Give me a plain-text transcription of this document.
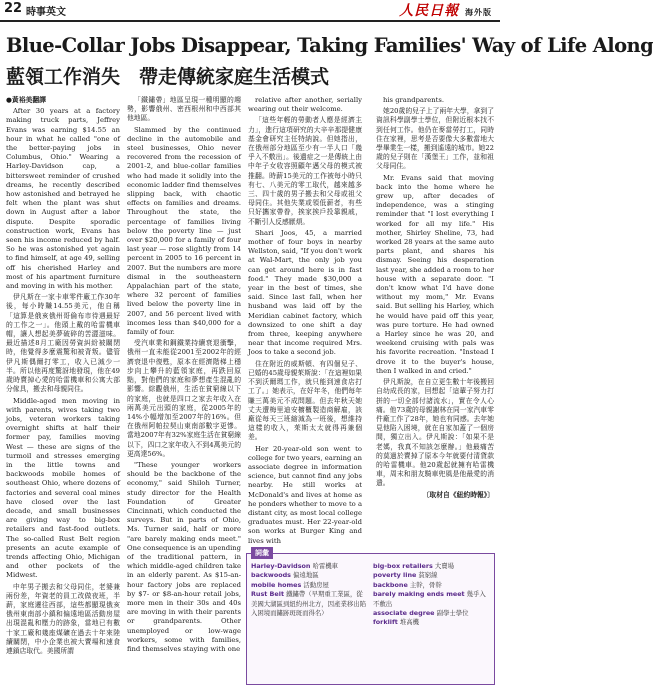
22 時事英文	人民日報 海外版
Blue-Collar Jobs Disappear, Taking Families' Way of Life Along
藍領工作消失　帶走傳統家庭生活模式
●黃裕美翻譯

After 30 years at a factory making truck parts, Jeffrey Evans was earning $14.55 an hour in what he called "one of the better-paying jobs in Columbus, Ohio." Wearing a Harley-Davidson cap, a bittersweet reminder of crushed dreams, he recently described how astonished and betrayed he felt when the plant was shut down in August after a labor dispute. Despite sporadic construction work, Evans has seen his income reduced by half. So he was astonished yet again to find himself, at age 49, selling off his cherished Harley and most of his apartment furniture and moving in with his mother.

伊凡斯在一家卡車零件廠工作30年後，每小時賺14.55美元，他自稱「這算是俄亥俄州哥倫布市待遇最好的工作之一」。他頭上戴的哈雷機車帽，讓人想起美夢破碎的苦澀滋味。最近描述8月工廠因勞資糾紛被關閉時，他覺得多麼震驚和被背叛。儘管伊凡斯偶爾打零工，收入已減少一半。所以他再度驚訝地發現，他在49歲時賣掉心愛的哈雷機車和公寓大部分傢具，搬去和母親同住。

Middle-aged men moving in with parents, wives taking two jobs, veteran workers taking overnight shifts at half their former pay, families moving West — these are signs of the turmoil and stresses emerging in the little towns and backwoods mobile homes of southeast Ohio, where dozens of factories and several coal mines have closed over the last decade, and small businesses are giving way to big-box retailers and fast-food outlets. The so-called Rust Belt region presents an acute example of trends affecting Ohio, Michigan and other pockets of the Midwest.

中年男子搬去和父母同住，老婆兼兩份差，年資老的員工改做夜班，半薪，家庭遷往西部，這些都顯現俄亥俄州東南部小鎮和偏遠地區活動房屋出現混亂和壓力的跡象，當地已有數十家工廠和幾座煤礦在過去十年來陸續關閉，中小企業也被大賣場和速食連鎖店取代。美國所謂

「鐵鏽帶」地區呈現一種明顯的趨勢，影響俄州、密西根州和中西部其他地區。

Slammed by the continued decline in the automobile and steel businesses, Ohio never recovered from the recession of 2001-2, and blue-collar families who had made it solidly into the economic ladder find themselves slipping back, with chaotic effects on families and dreams. Throughout the state, the percentage of families living below the poverty line — just over $20,000 for a family of four last year — rose slightly from 14 percent in 2005 to 16 percent in 2007. But the numbers are more dismal in the southeastern Appalachian part of the state, where 32 percent of families lived below the poverty line in 2007, and 56 percent lived with incomes less than $40,000 for a family of four.

受汽車業和鋼鐵業持續衰退衝擊，俄州一直未能從2001至2002年的經濟衰退中復甦，原本在經濟階梯上穩步向上攀升的藍領家庭，再跌回原點，對他們的家庭和夢想產生混亂的影響。綜觀俄州，生活在貧窮線以下的家庭，也就是四口之家去年收入在兩萬美元出頭的家庭，從2005年的14%小幅增加至2007年的16%。但在俄州阿帕拉契山東南部數字更慘。當地2007年有32%家庭生活在貧窮線以下，四口之家年收入不到4萬美元的更高達56%。

"These younger workers should be the backbone of the economy," said Shiloh Turner, study director for the Health Foundation of Greater Cincinnati, which conducted the surveys. But in parts of Ohio, Ms. Turner said, half or more "are barely making ends meet." One consequence is an upending of the traditional pattern, in which middle-aged children take in an elderly parent. As $15-an-hour factory jobs are replaced by $7- or $8-an-hour retail jobs, more men in their 30s and 40s are moving in with their parents or grandparents. Other unemployed or low-wage workers, some with families, find themselves staying with one

relative after another, serially wearing out their welcome.

「這些年輕的勞動者人應是經濟主力」，進行這項研究的大辛辛那提健康基金會研究主任特納說。但她指出，在俄州部分地區至少有一半人口「幾乎入不敷出」。後遺症之一是傳統上由中年子女收容照顧年邁父母的模式被推翻。時薪15美元的工作被每小時只有七、八美元的零工取代，越來越多三、四十歲的男子搬去和父母或祖父母同住。其他失業或領低薪者，有些只好攜家帶眷，挨家挨戶投靠親戚，不斷引人反感厭煩。

Shari Joos, 45, a married mother of four boys in nearby Wellston, said, "If you don't work at Wal-Mart, the only job you can get around here is in fast food." They made $30,000 a year in the best of times, she said. Since last fall, when her husband was laid off by the Meridian cabinet factory, which downsized to one shift a day from three, keeping anywhere near that income required Mrs. Joos to take a second job.

住在附近的威斯頓、有四個兒子、已婚的45歲母親茱斯說：「在這裡如果不到沃爾瑪工作，就只能到速食店打工了。」她表示，在好年冬，他們每年賺三萬美元不成問題。但去年秋天她丈夫遭梅里迪安櫥櫃製造商解雇，該廠從每天三班縮減為一班後，想維持這樣的收入，茱斯太太就得再兼個差。

Her 20-year-old son went to college for two years, earning an associate degree in information science, but cannot find any jobs nearby. He still works at McDonald's and lives at home as he ponders whether to move to a distant city, as most local college graduates must. Her 22-year-old son works at Burger King and lives with

his grandparents.

她20歲的兒子上了兩年大學，拿到了資訊科學副學士學位，但附近根本找不到任何工作。他仍在麥當勞打工，同時住在家裡，思考是否要像大多數當地大學畢業生一樣，搬到遙遠的城市。她22歲的兒子則在「漢堡王」工作，並和祖父母同住。

Mr. Evans said that moving back into the home where he grew up, after decades of independence, was a stinging reminder that "I lost everything I worked for all my life." His mother, Shirley Sheline, 73, had worked 28 years at the same auto parts plant, and shares his dismay. Seeing his desperation last year, she added a room to her house with a separate door. "I don't know what I'd have done without my mom," Mr. Evans said. But selling his Harley, which he would have paid off this year, was pure torture. He had owned a Harley since he was 20, and weekend cruising with pals was his favorite recreation. "Instead I drove it to the buyer's house, then I walked in and cried."

伊凡斯說，在自立更生數十年後搬回自幼成長的家，回想起「這輩子努力打拼的一切全部付諸流水」，實在令人心痛。他73歲的母親謝林在同一家汽車零件廠工作了28年，她也有同感。去年她見他陷入困境，就在自家加蓋了一個房間，獨立出入。伊凡斯說：「如果不是老媽，我真不知該怎麼辦。」他最痛苦的莫過於賣掉了原本今年就要付清貸款的哈雷機車。他20歲起就擁有哈雷機車，周末和朋友騎車兜風是他最愛的消遣。

〔取材自《紐約時報》〕

詞彙
Harley-Davidson 哈雷機車
backwoods 偏遠地區
mobile homes 活動房屋
Rust Belt 鐵鏽帶（早期重工業區，從美國大湖區到紐約州北方，因產業移出陷入困境而鏽跡斑斑而得名）
big-box retailers 大賣場
poverty line 貧窮線
backbone 主幹，骨幹
barely making ends meet 幾乎入不敷出
associate degree 副學士學位
forklift 堆高機
